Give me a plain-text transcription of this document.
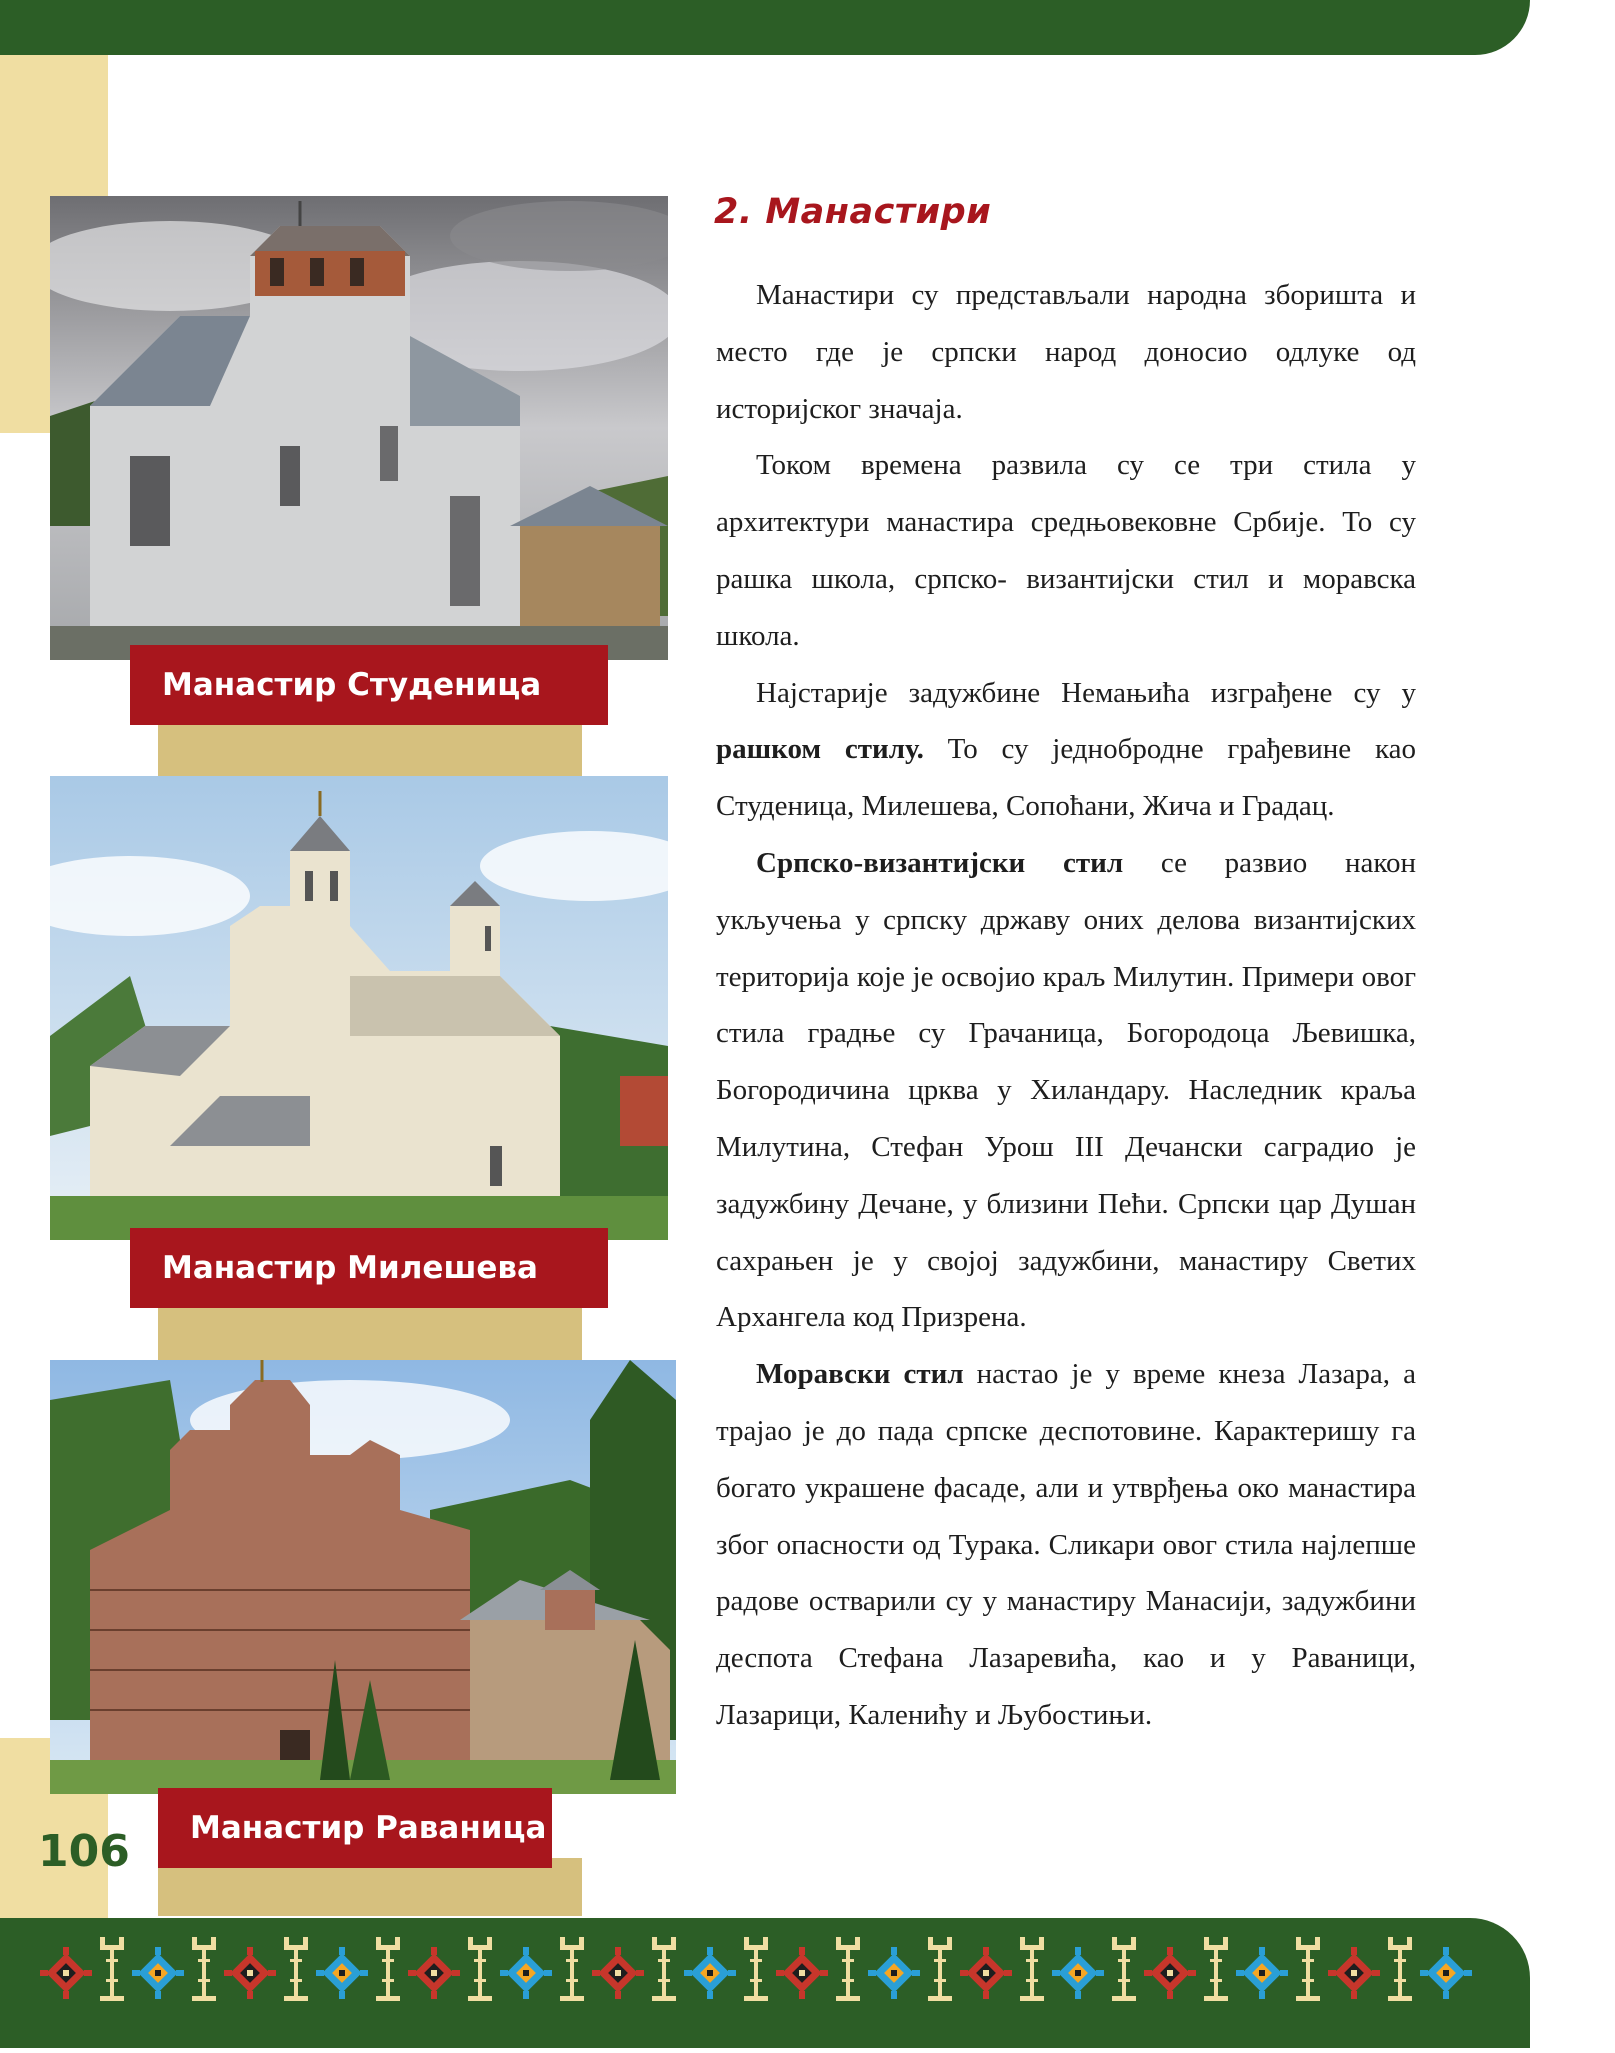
Манастир Студеница
Манастир Милешева
Манастир Раваница
2. Манастири

Манастири су представљали народна зборишта и место где је српски народ доносио одлуке од историјског значаја.

Током времена развила су се три стила у архитектури манастира средњовековне Србије. То су рашка школа, српско- византијски стил и моравска школа.

Најстарије задужбине Немањића изграђене су у рашком стилу. То су једнобродне грађевине као Студеница, Милешева, Сопоћани, Жича и Градац.

Српско-византијски стил се развио након укључења у српску државу оних делова византијских територија које је освојио краљ Милутин. Примери овог стила градње су Грачаница, Богородоца Љевишка, Богородичина црква у Хиландару. Наследник краља Милутина, Стефан Урош III Дечански саградио је задужбину Дечане, у близини Пећи. Српски цар Душан сахрањен је у својој задужбини, манастиру Светих Архангела код Призрена.

Моравски стил настао је у време кнеза Лазара, а трајао је до пада српске деспотовине. Карактеришу га богато украшене фасаде, али и утврђења око манастира због опасности од Турака. Сликари овог стила најлепше радове остварили су у манастиру Манасији, задужбини деспота Стефана Лазаревића, као и у Раваници, Лазарици, Каленићу и Љубостињи.

106
